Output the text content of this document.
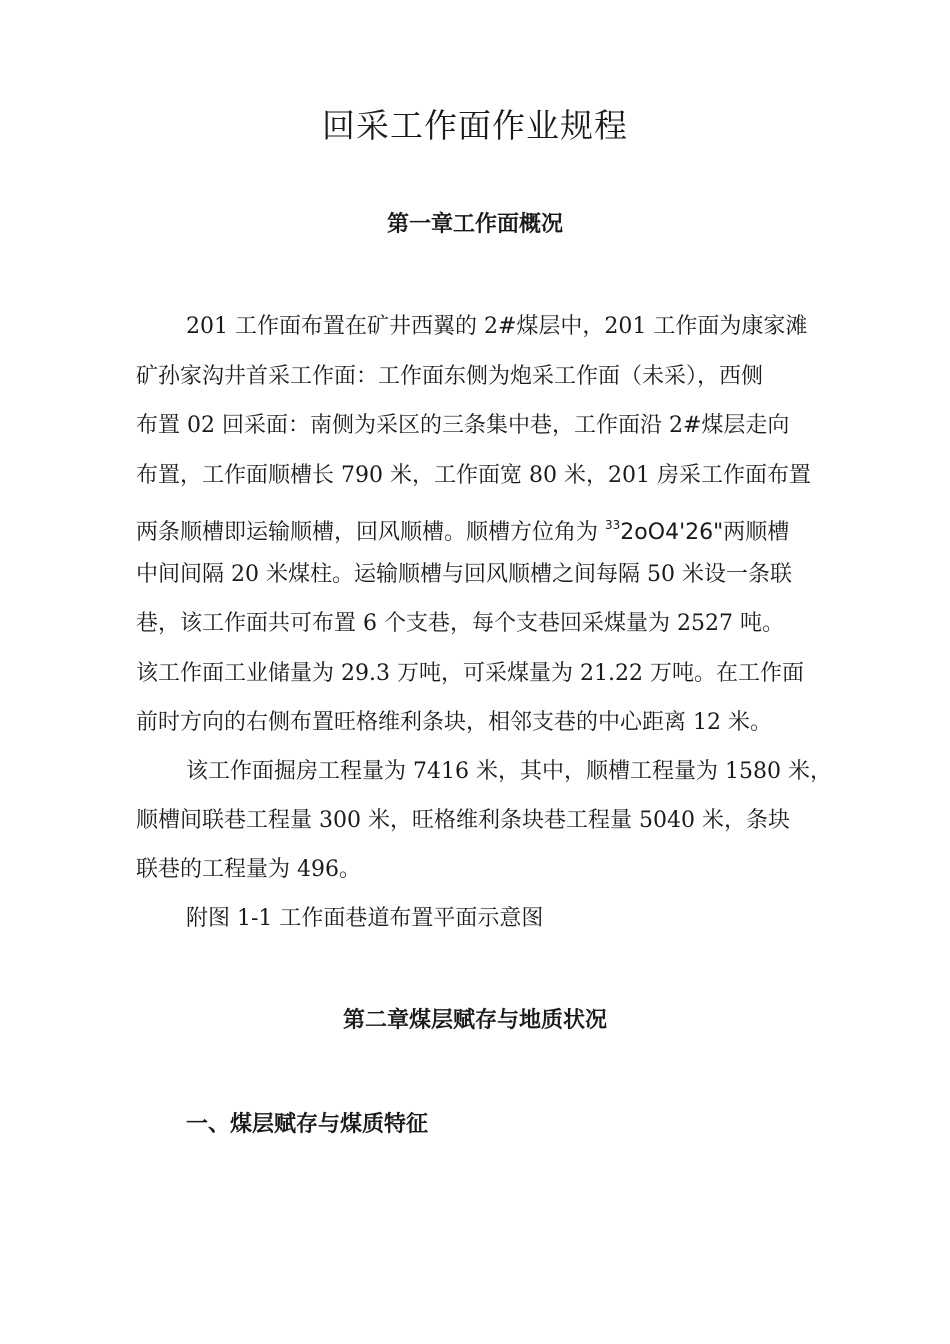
回采工作面作业规程
第一章工作面概况

201 工作面布置在矿井西翼的 2#煤层中，201 工作面为康家滩

矿孙家沟井首采工作面：工作面东侧为炮采工作面（未采），西侧

布置 02 回采面：南侧为采区的三条集中巷，工作面沿 2#煤层走向

布置，工作面顺槽长 790 米，工作面宽 80 米，201 房采工作面布置

两条顺槽即运输顺槽，回风顺槽。顺槽方位角为 $^{33}$2oO4'26"两顺槽

中间间隔 20 米煤柱。运输顺槽与回风顺槽之间每隔 50 米设一条联

巷，该工作面共可布置 6 个支巷，每个支巷回采煤量为 2527 吨。

该工作面工业储量为 29.3 万吨，可采煤量为 21.22 万吨。在工作面

前时方向的右侧布置旺格维利条块，相邻支巷的中心距离 12 米。

该工作面掘房工程量为 7416 米，其中，顺槽工程量为 1580 米，

顺槽间联巷工程量 300 米，旺格维利条块巷工程量 5040 米，条块

联巷的工程量为 496。

附图 1-1 工作面巷道布置平面示意图

第二章煤层赋存与地质状况
一、煤层赋存与煤质特征
